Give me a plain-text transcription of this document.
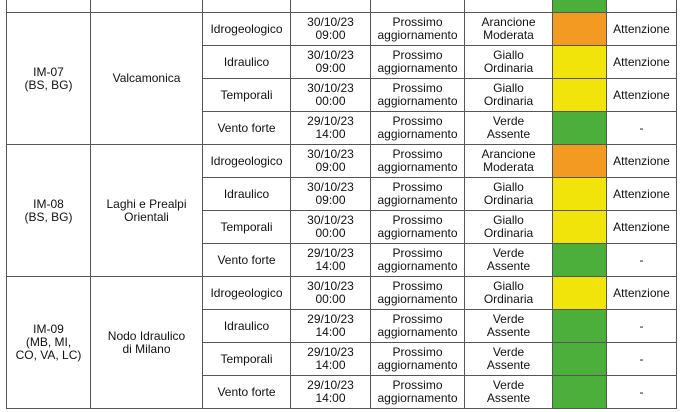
IM-07
(BS, BG)	Valcamonica	Idrogeologico	30/10/23
09:00	Prossimo
aggiornamento	Arancione
Moderata		Attenzione
		Idraulico	30/10/23
09:00	Prossimo
aggiornamento	Giallo
Ordinaria		Attenzione
		Temporali	30/10/23
00:00	Prossimo
aggiornamento	Giallo
Ordinaria		Attenzione
		Vento forte	29/10/23
14:00	Prossimo
aggiornamento	Verde
Assente		-
IM-08
(BS, BG)	Laghi e Prealpi
Orientali	Idrogeologico	30/10/23
09:00	Prossimo
aggiornamento	Arancione
Moderata		Attenzione
		Idraulico	30/10/23
09:00	Prossimo
aggiornamento	Giallo
Ordinaria		Attenzione
		Temporali	30/10/23
00:00	Prossimo
aggiornamento	Giallo
Ordinaria		Attenzione
		Vento forte	29/10/23
14:00	Prossimo
aggiornamento	Verde
Assente		-
IM-09
(MB, MI,
CO, VA, LC)	Nodo Idraulico
di Milano	Idrogeologico	30/10/23
00:00	Prossimo
aggiornamento	Giallo
Ordinaria		Attenzione
		Idraulico	29/10/23
14:00	Prossimo
aggiornamento	Verde
Assente		-
		Temporali	29/10/23
14:00	Prossimo
aggiornamento	Verde
Assente		-
		Vento forte	29/10/23
14:00	Prossimo
aggiornamento	Verde
Assente		-
